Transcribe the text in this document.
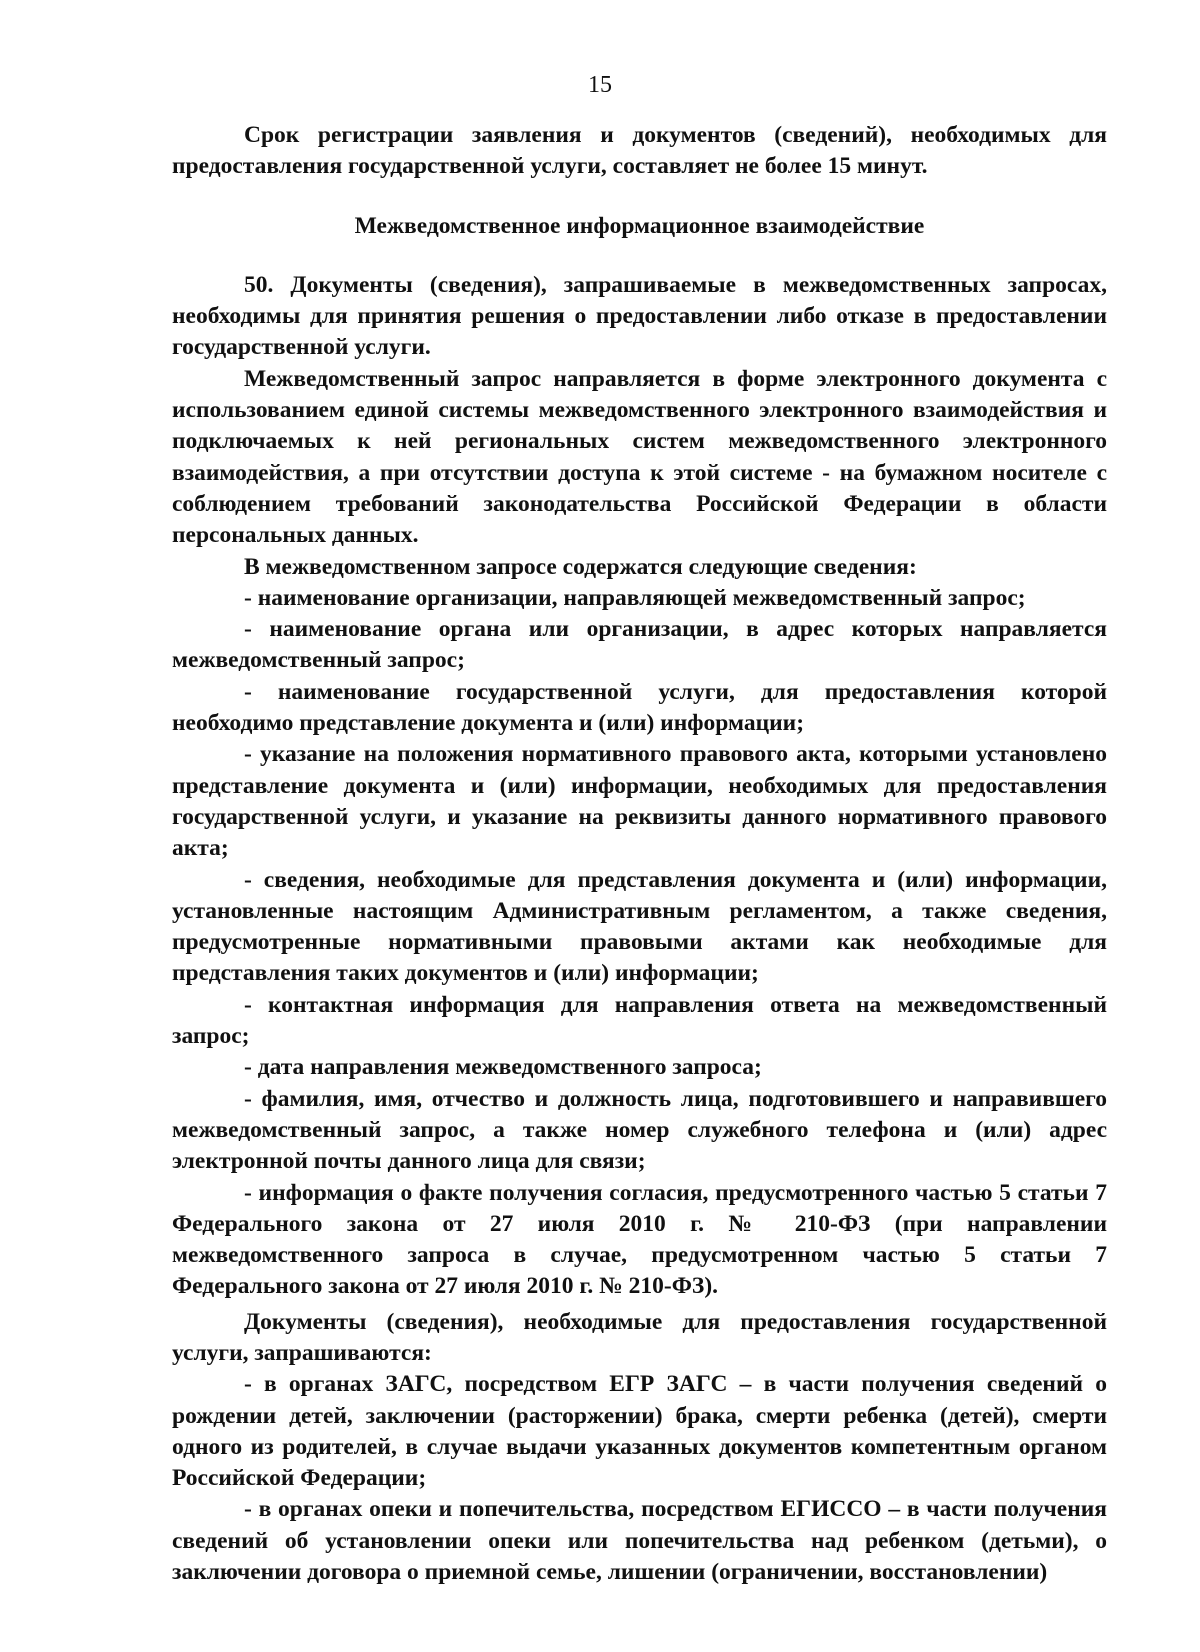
15

Срок регистрации заявления и документов (сведений), необходимых для предоставления государственной услуги, составляет не более 15 минут.

Межведомственное информационное взаимодействие

50. Документы (сведения), запрашиваемые в межведомственных запросах, необходимы для принятия решения о предоставлении либо отказе в предоставлении государственной услуги.

Межведомственный запрос направляется в форме электронного документа с использованием единой системы межведомственного электронного взаимодействия и подключаемых к ней региональных систем межведомственного электронного взаимодействия, а при отсутствии доступа к этой системе - на бумажном носителе с соблюдением требований законодательства Российской Федерации в области персональных данных.

В межведомственном запросе содержатся следующие сведения:

- наименование организации, направляющей межведомственный запрос;

- наименование органа или организации, в адрес которых направляется межведомственный запрос;

- наименование государственной услуги, для предоставления которой необходимо представление документа и (или) информации;

- указание на положения нормативного правового акта, которыми установлено представление документа и (или) информации, необходимых для предоставления государственной услуги, и указание на реквизиты данного нормативного правового акта;

- сведения, необходимые для представления документа и (или) информации, установленные настоящим Административным регламентом, а также сведения, предусмотренные нормативными правовыми актами как необходимые для представления таких документов и (или) информации;

- контактная информация для направления ответа на межведомственный запрос;

- дата направления межведомственного запроса;

- фамилия, имя, отчество и должность лица, подготовившего и направившего межведомственный запрос, а также номер служебного телефона и (или) адрес электронной почты данного лица для связи;

- информация о факте получения согласия, предусмотренного частью 5 статьи 7 Федерального закона от 27 июля 2010 г. № 210-ФЗ (при направлении межведомственного запроса в случае, предусмотренном частью 5 статьи 7 Федерального закона от 27 июля 2010 г. № 210-ФЗ).

Документы (сведения), необходимые для предоставления государственной услуги, запрашиваются:

- в органах ЗАГС, посредством ЕГР ЗАГС – в части получения сведений о рождении детей, заключении (расторжении) брака, смерти ребенка (детей), смерти одного из родителей, в случае выдачи указанных документов компетентным органом Российской Федерации;

- в органах опеки и попечительства, посредством ЕГИССО – в части получения сведений об установлении опеки или попечительства над ребенком (детьми), о заключении договора о приемной семье, лишении (ограничении, восстановлении)
